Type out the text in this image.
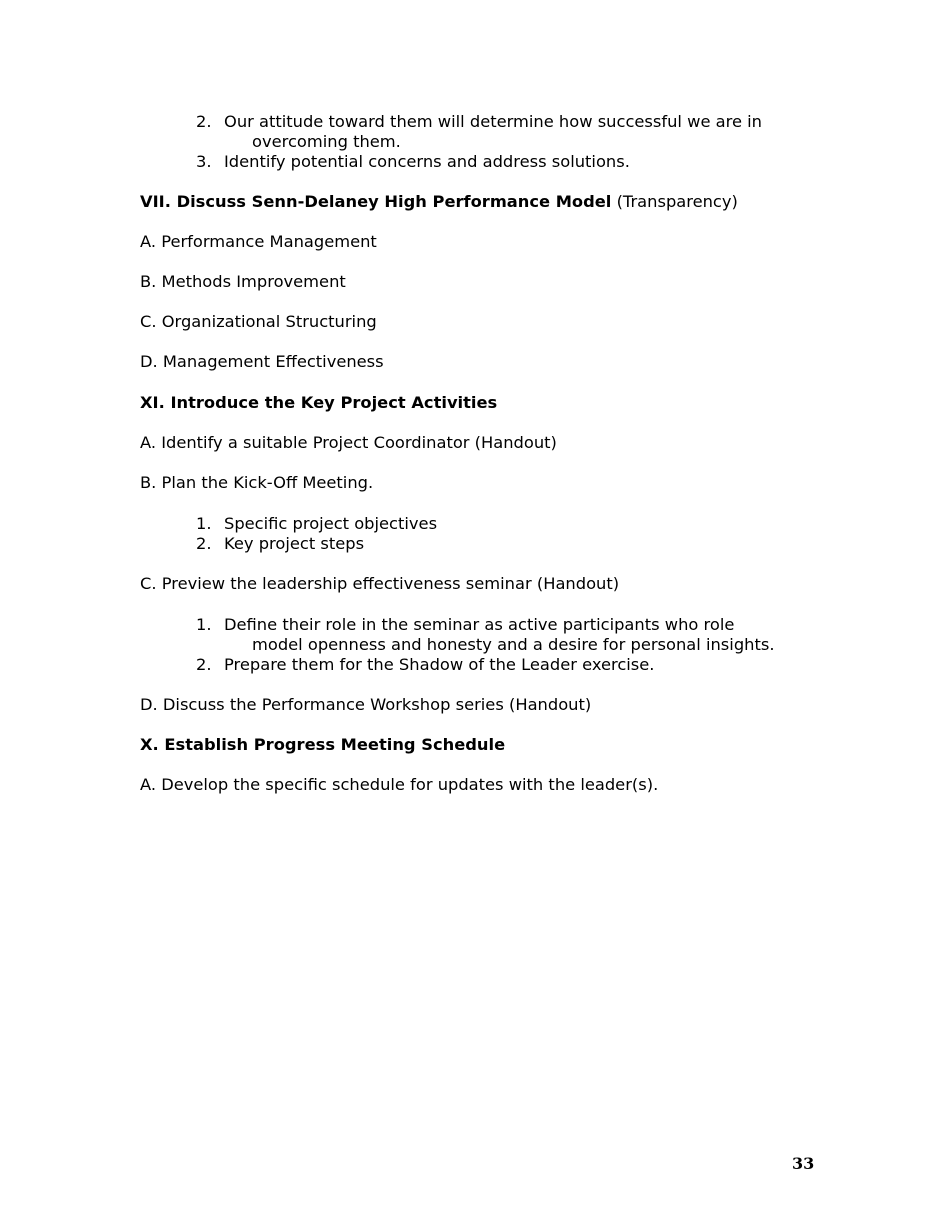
2. Our attitude toward them will determine how successful we are in
overcoming them.
3. Identify potential concerns and address solutions.
VII. Discuss Senn-Delaney High Performance Model (Transparency)
A. Performance Management
B. Methods Improvement
C. Organizational Structuring
D. Management Effectiveness
XI. Introduce the Key Project Activities
A. Identify a suitable Project Coordinator (Handout)
B. Plan the Kick-Off Meeting.
1. Specific project objectives
2. Key project steps
C. Preview the leadership effectiveness seminar (Handout)
1. Define their role in the seminar as active participants who role
model openness and honesty and a desire for personal insights.
2. Prepare them for the Shadow of the Leader exercise.
D. Discuss the Performance Workshop series (Handout)
X. Establish Progress Meeting Schedule
A. Develop the specific schedule for updates with the leader(s).
33
